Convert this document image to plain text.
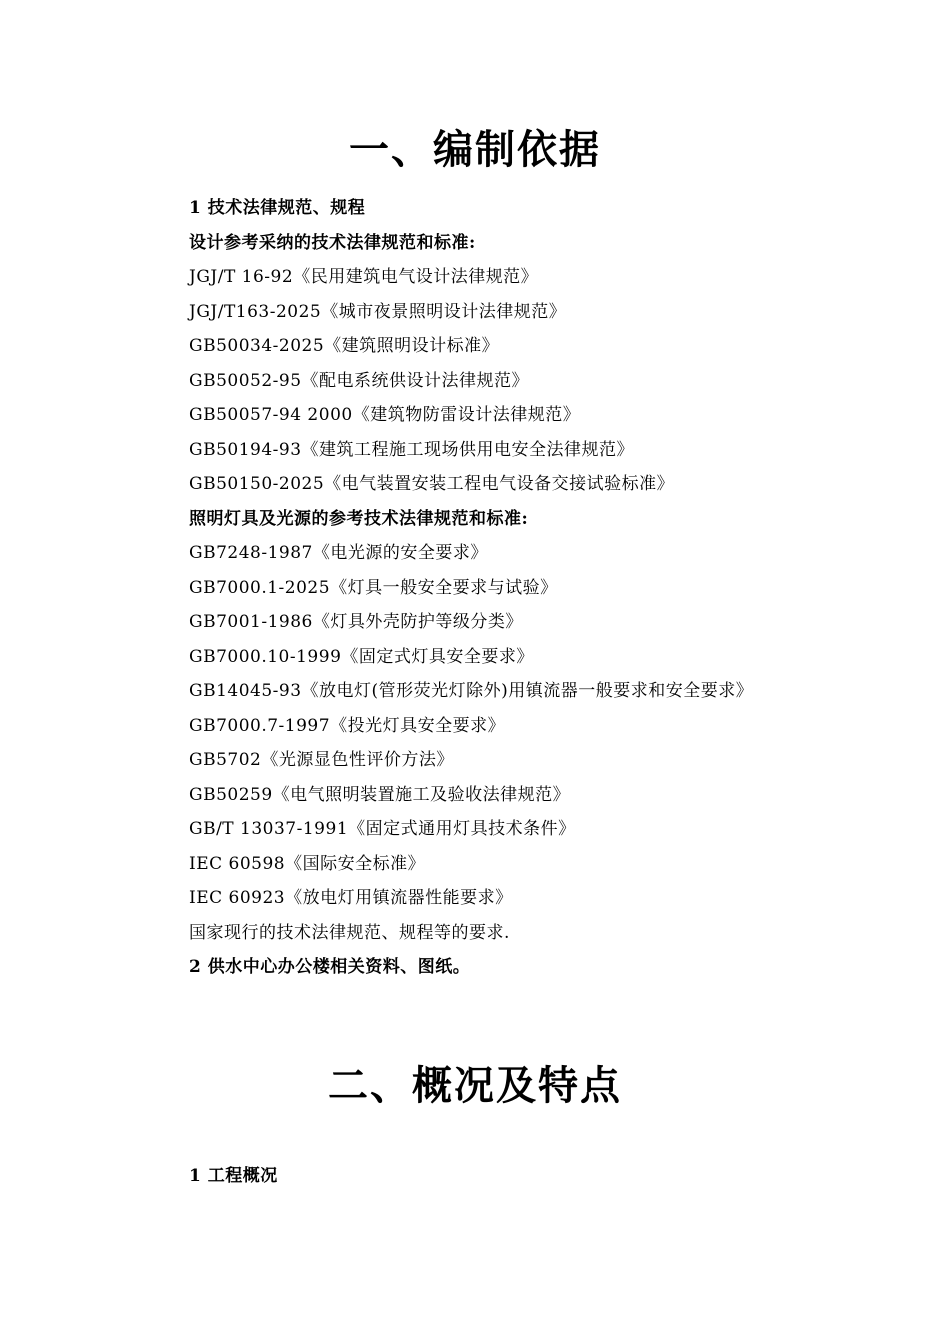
一、编制依据
1 技术法律规范、规程
设计参考采纳的技术法律规范和标准:
JGJ/T 16-92《民用建筑电气设计法律规范》
JGJ/T163-2025《城市夜景照明设计法律规范》
GB50034-2025《建筑照明设计标准》
GB50052-95《配电系统供设计法律规范》
GB50057-94 2000《建筑物防雷设计法律规范》
GB50194-93《建筑工程施工现场供用电安全法律规范》
GB50150-2025《电气装置安装工程电气设备交接试验标准》
照明灯具及光源的参考技术法律规范和标准:
GB7248-1987《电光源的安全要求》
GB7000.1-2025《灯具一般安全要求与试验》
GB7001-1986《灯具外壳防护等级分类》
GB7000.10-1999《固定式灯具安全要求》
GB14045-93《放电灯(管形荧光灯除外)用镇流器一般要求和安全要求》
GB7000.7-1997《投光灯具安全要求》
GB5702《光源显色性评价方法》
GB50259《电气照明装置施工及验收法律规范》
GB/T 13037-1991《固定式通用灯具技术条件》
IEC 60598《国际安全标准》
IEC 60923《放电灯用镇流器性能要求》
国家现行的技术法律规范、规程等的要求.
2 供水中心办公楼相关资料、图纸。
二、概况及特点
1 工程概况
